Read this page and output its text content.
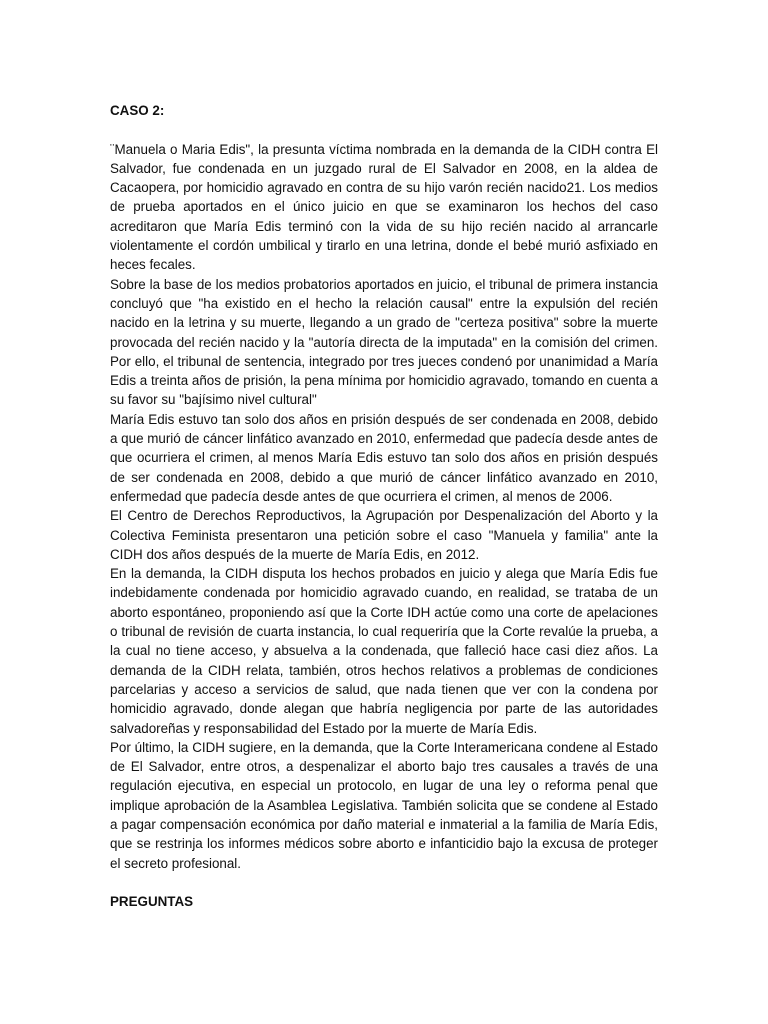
CASO 2:

¨Manuela o Maria Edis", la presunta víctima nombrada en la demanda de la CIDH contra El Salvador, fue condenada en un juzgado rural de El Salvador en 2008, en la aldea de Cacaopera, por homicidio agravado en contra de su hijo varón recién nacido21. Los medios de prueba aportados en el único juicio en que se examinaron los hechos del caso acreditaron que María Edis terminó con la vida de su hijo recién nacido al arrancarle violentamente el cordón umbilical y tirarlo en una letrina, donde el bebé murió asfixiado en heces fecales.

Sobre la base de los medios probatorios aportados en juicio, el tribunal de primera instancia concluyó que "ha existido en el hecho la relación causal" entre la expulsión del recién nacido en la letrina y su muerte, llegando a un grado de "certeza positiva" sobre la muerte provocada del recién nacido y la "autoría directa de la imputada" en la comisión del crimen. Por ello, el tribunal de sentencia, integrado por tres jueces condenó por unanimidad a María Edis a treinta años de prisión, la pena mínima por homicidio agravado, tomando en cuenta a su favor su "bajísimo nivel cultural"

María Edis estuvo tan solo dos años en prisión después de ser condenada en 2008, debido a que murió de cáncer linfático avanzado en 2010, enfermedad que padecía desde antes de que ocurriera el crimen, al menos María Edis estuvo tan solo dos años en prisión después de ser condenada en 2008, debido a que murió de cáncer linfático avanzado en 2010, enfermedad que padecía desde antes de que ocurriera el crimen, al menos de 2006.

El Centro de Derechos Reproductivos, la Agrupación por Despenalización del Aborto y la Colectiva Feminista presentaron una petición sobre el caso "Manuela y familia" ante la CIDH dos años después de la muerte de María Edis, en 2012.

En la demanda, la CIDH disputa los hechos probados en juicio y alega que María Edis fue indebidamente condenada por homicidio agravado cuando, en realidad, se trataba de un aborto espontáneo, proponiendo así que la Corte IDH actúe como una corte de apelaciones o tribunal de revisión de cuarta instancia, lo cual requeriría que la Corte revalúe la prueba, a la cual no tiene acceso, y absuelva a la condenada, que falleció hace casi diez años. La demanda de la CIDH relata, también, otros hechos relativos a problemas de condiciones parcelarias y acceso a servicios de salud, que nada tienen que ver con la condena por homicidio agravado, donde alegan que habría negligencia por parte de las autoridades salvadoreñas y responsabilidad del Estado por la muerte de María Edis.

Por último, la CIDH sugiere, en la demanda, que la Corte Interamericana condene al Estado de El Salvador, entre otros, a despenalizar el aborto bajo tres causales a través de una regulación ejecutiva, en especial un protocolo, en lugar de una ley o reforma penal que implique aprobación de la Asamblea Legislativa. También solicita que se condene al Estado a pagar compensación económica por daño material e inmaterial a la familia de María Edis, que se restrinja los informes médicos sobre aborto e infanticidio bajo la excusa de proteger el secreto profesional.

PREGUNTAS
